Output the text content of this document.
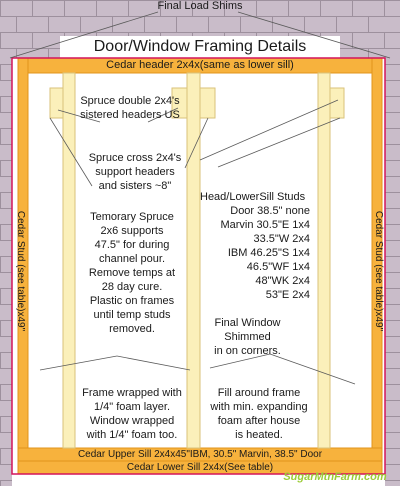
Final Load Shims
Door/Window Framing Details
Cedar header 2x4x(same as lower sill)
Spruce double 2x4's
sistered headers US
Spruce cross 2x4's
support headers
and sisters ~8"
Temorary Spruce
2x6 supports
47.5" for during
channel pour.
Remove temps at
28 day cure.
Plastic on frames
until temp studs
removed.
Head/LowerSill Studs
Door 38.5" none
Marvin 30.5"E 1x4
33.5"W 2x4
IBM 46.25"S 1x4
46.5"WF 1x4
48"WK 2x4
53"E 2x4
Final Window
Shimmed
in on corners.
Frame wrapped with
1/4" foam layer.
Window wrapped
with 1/4" foam too.
Fill around frame
with min. expanding
foam after house
is heated.
Cedar Upper Sill 2x4x45"IBM, 30.5" Marvin, 38.5" Door
Cedar Lower Sill 2x4x(See table)
Cedar Stud (see table)x49"	Cedar Stud (see table)x49"
SugarMtnFarm.com
